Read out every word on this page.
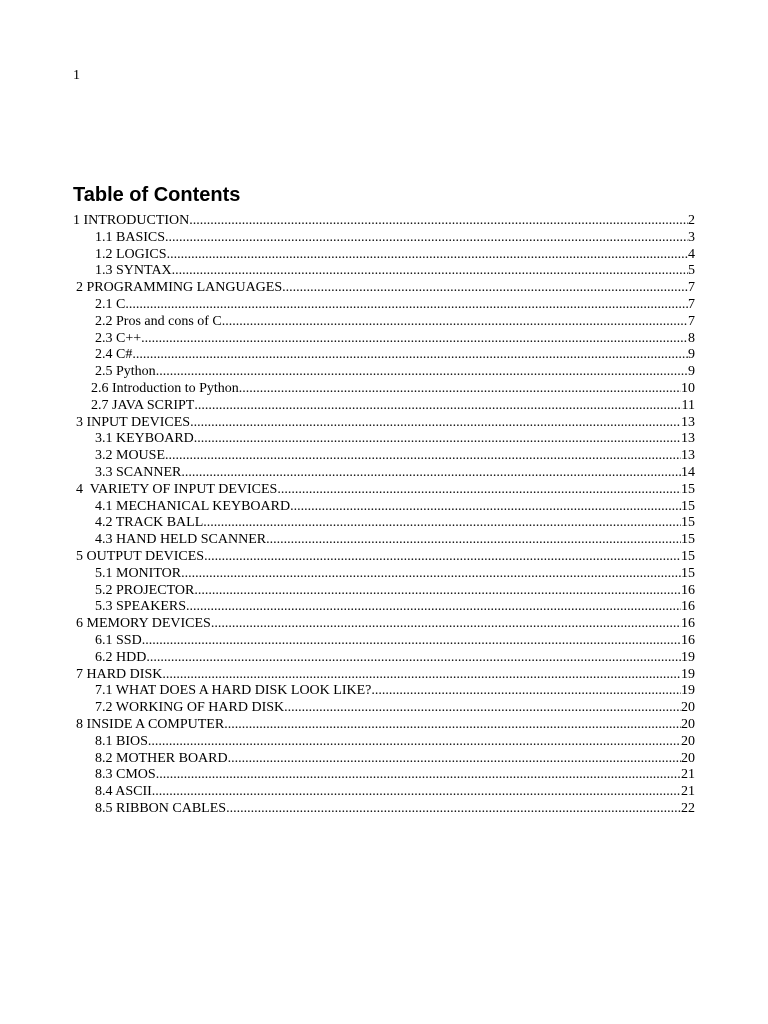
1
Table of Contents
1 INTRODUCTION .....	2
1.1 BASICS .....	3
1.2 LOGICS .....	4
1.3 SYNTAX .....	5
2 PROGRAMMING LANGUAGES .....	7
2.1 C .....	7
2.2 Pros and cons of C .....	7
2.3 C++ .....	8
2.4 C# .....	9
2.5 Python .....	9
2.6 Introduction to Python .....	10
2.7 JAVA SCRIPT .....	11
3 INPUT DEVICES .....	13
3.1 KEYBOARD .....	13
3.2 MOUSE .....	13
3.3 SCANNER .....	14
4  VARIETY OF INPUT DEVICES .....	15
4.1 MECHANICAL KEYBOARD .....	15
4.2 TRACK BALL .....	15
4.3 HAND HELD SCANNER .....	15
5 OUTPUT DEVICES .....	15
5.1 MONITOR .....	15
5.2 PROJECTOR .....	16
5.3 SPEAKERS .....	16
6 MEMORY DEVICES .....	16
6.1 SSD .....	16
6.2 HDD .....	19
7 HARD DISK .....	19
7.1 WHAT DOES A HARD DISK LOOK LIKE? .....	19
7.2 WORKING OF HARD DISK .....	20
8 INSIDE A COMPUTER .....	20
8.1 BIOS .....	20
8.2 MOTHER BOARD .....	20
8.3 CMOS .....	21
8.4 ASCII .....	21
8.5 RIBBON CABLES .....	22
